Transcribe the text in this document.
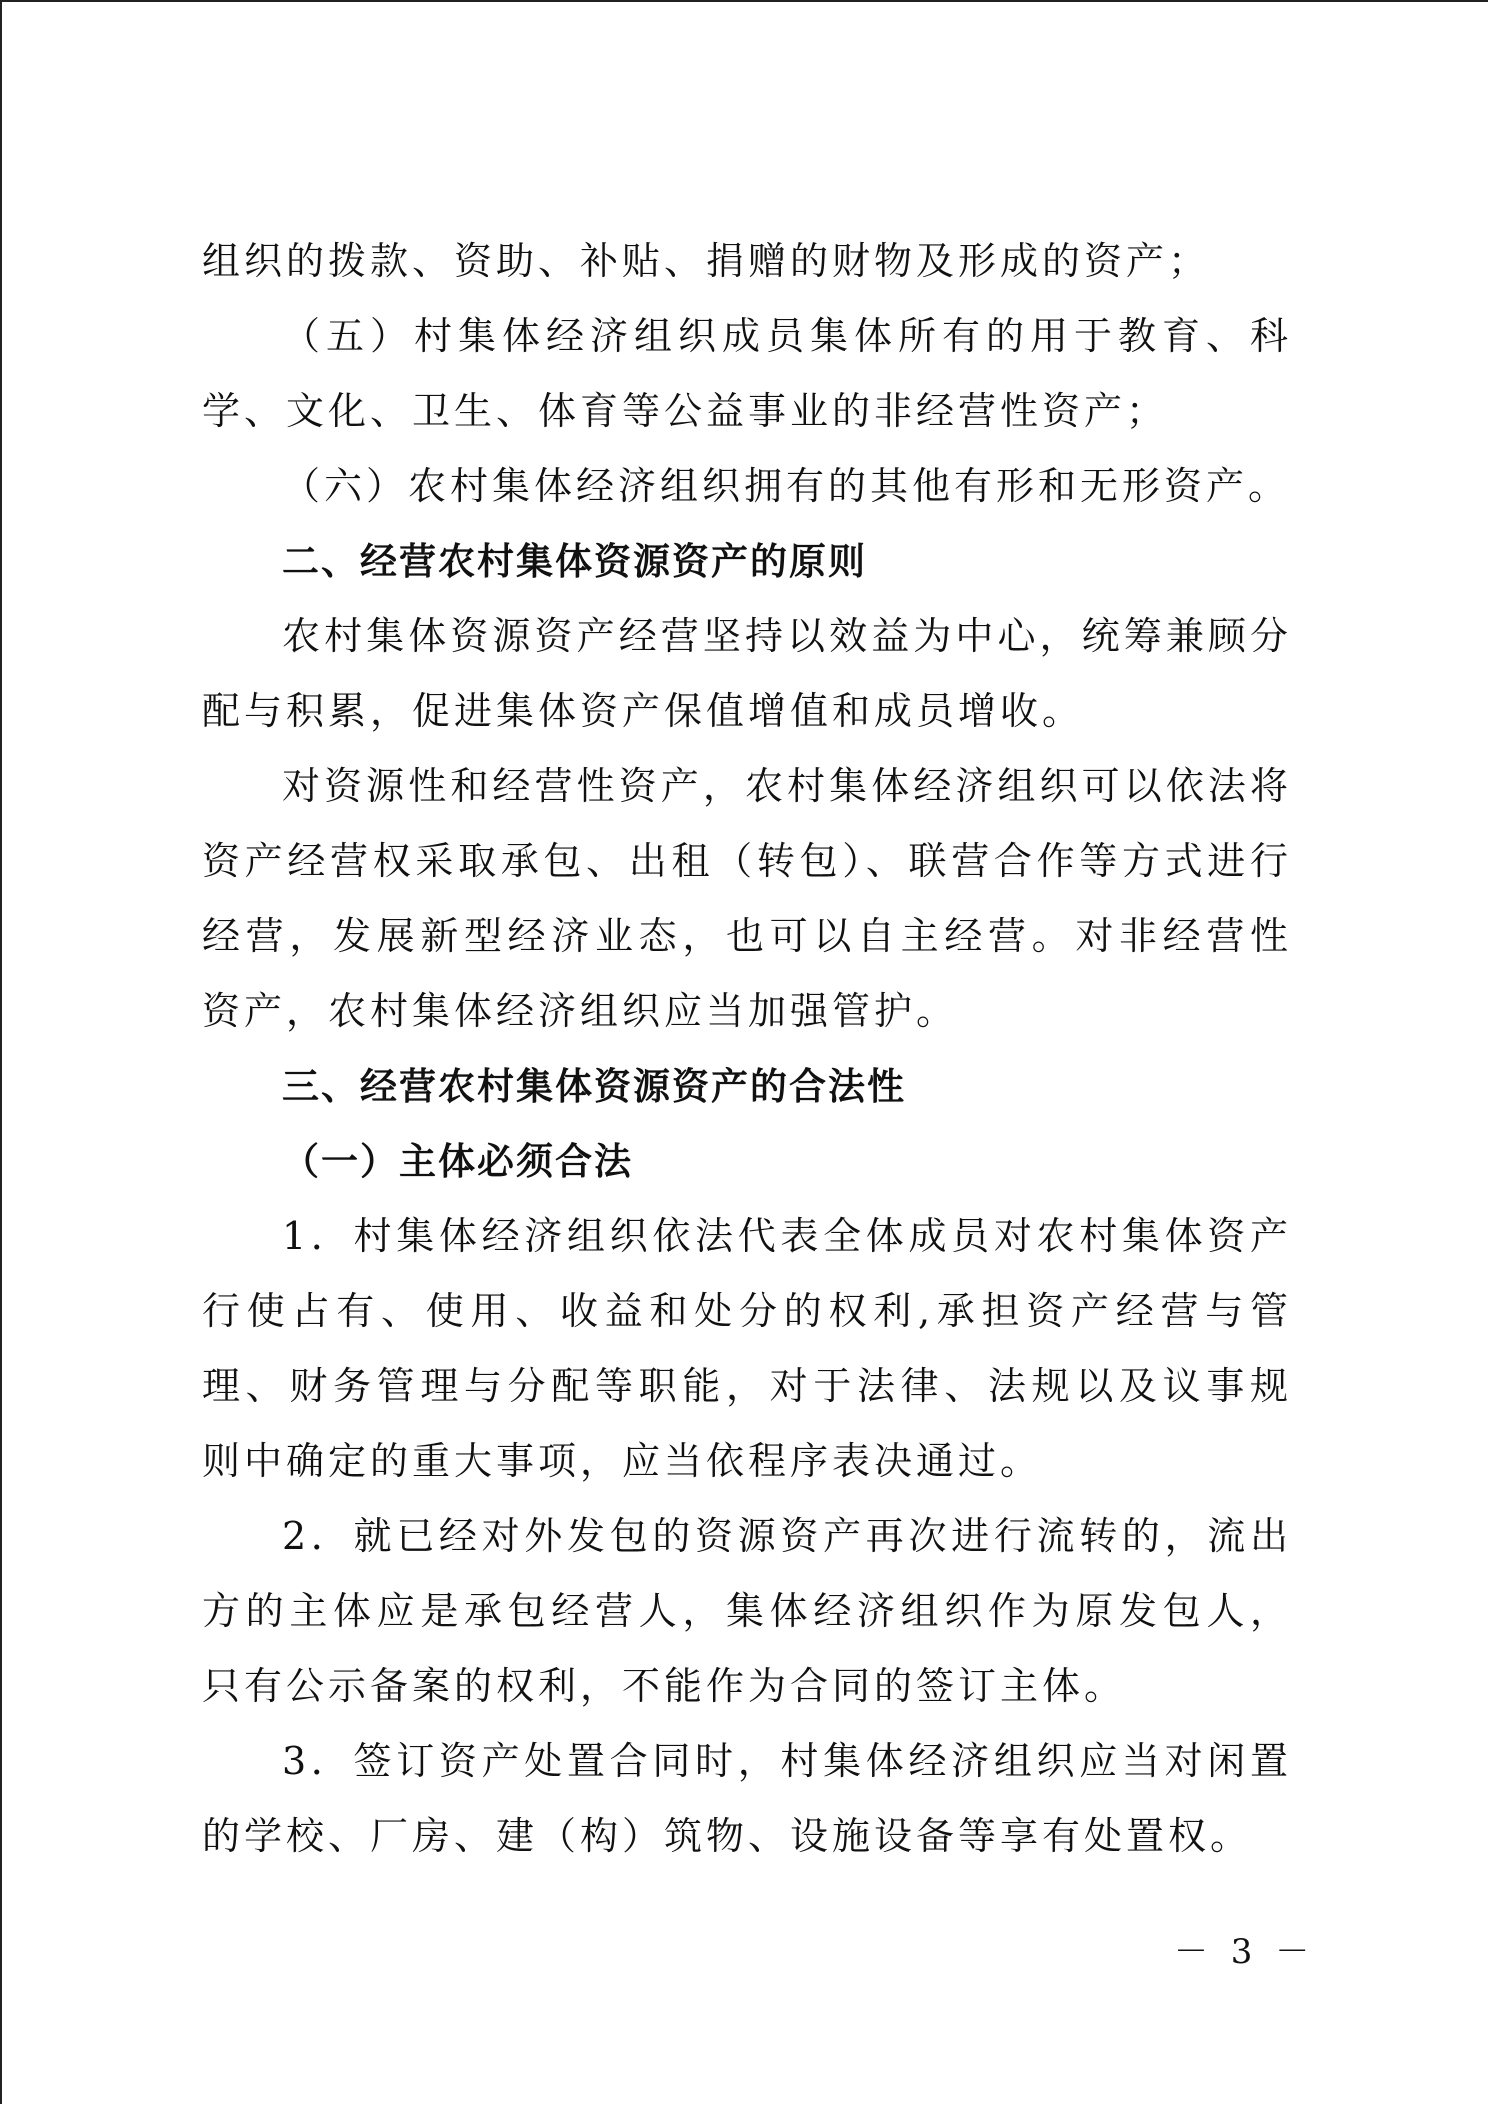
组织的拨款、资助、补贴、捐赠的财物及形成的资产；

（五）村集体经济组织成员集体所有的用于教育、科学、文化、卫生、体育等公益事业的非经营性资产；

（六）农村集体经济组织拥有的其他有形和无形资产。

二、经营农村集体资源资产的原则

农村集体资源资产经营坚持以效益为中心，统筹兼顾分配与积累，促进集体资产保值增值和成员增收。

对资源性和经营性资产，农村集体经济组织可以依法将资产经营权采取承包、出租（转包）、联营合作等方式进行经营，发展新型经济业态，也可以自主经营。对非经营性资产，农村集体经济组织应当加强管护。

三、经营农村集体资源资产的合法性

（一）主体必须合法

1．村集体经济组织依法代表全体成员对农村集体资产行使占有、使用、收益和处分的权利,承担资产经营与管理、财务管理与分配等职能，对于法律、法规以及议事规则中确定的重大事项，应当依程序表决通过。

2．就已经对外发包的资源资产再次进行流转的，流出方的主体应是承包经营人，集体经济组织作为原发包人，只有公示备案的权利，不能作为合同的签订主体。

3．签订资产处置合同时，村集体经济组织应当对闲置的学校、厂房、建（构）筑物、设施设备等享有处置权。

－ 3 －
